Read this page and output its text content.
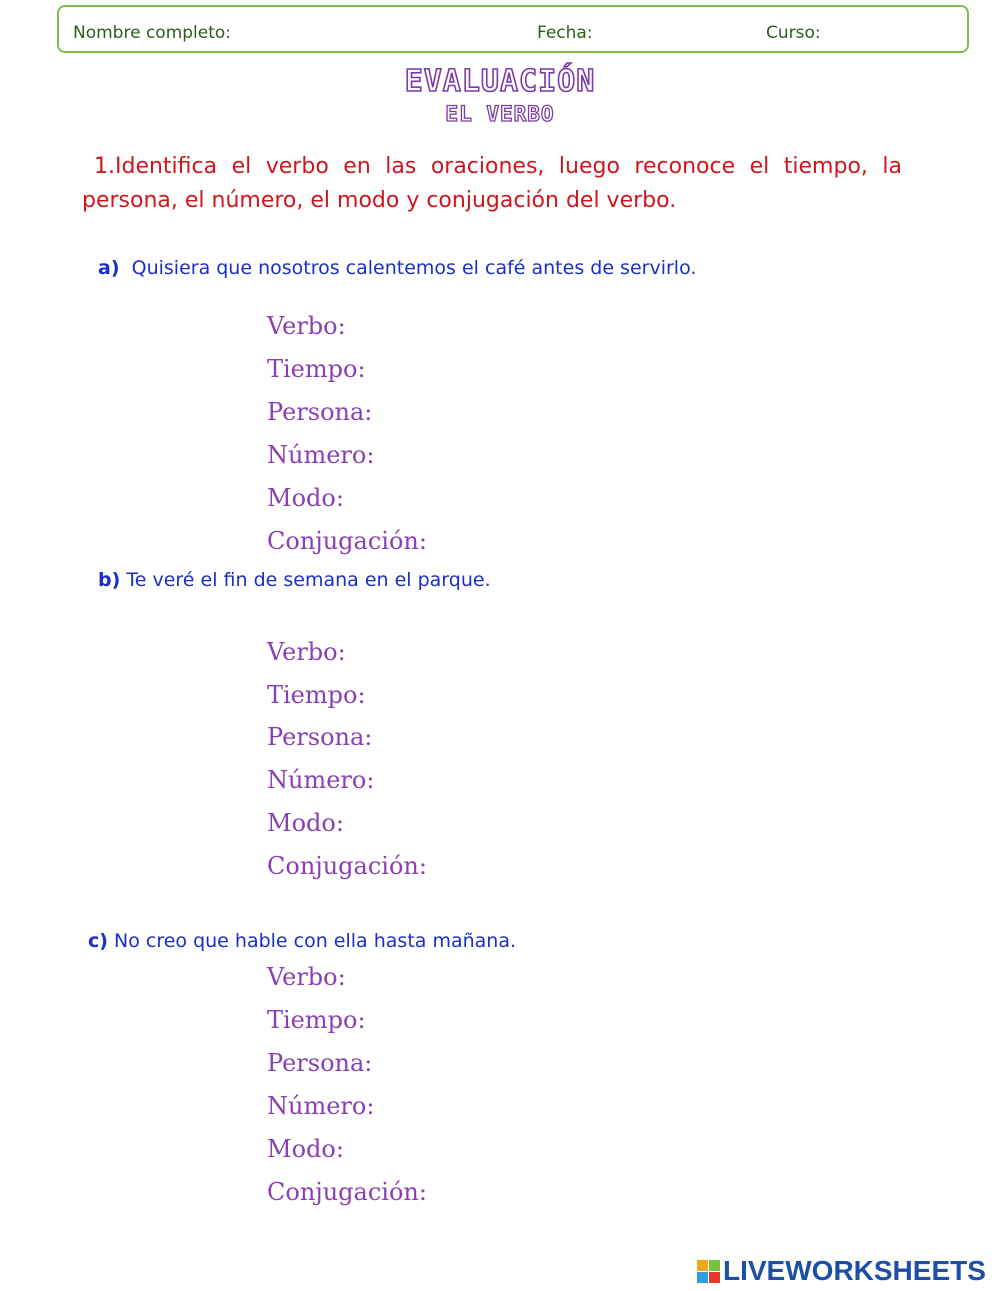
Nombre completo:	Fecha:	Curso:
EVALUACIÓN
EL VERBO
1.Identifica el verbo en las oraciones, luego reconoce el tiempo, la persona, el número, el modo y conjugación del verbo.
a) Quisiera que nosotros calentemos el café antes de servirlo.
Verbo:
Tiempo:
Persona:
Número:
Modo:
Conjugación:
b) Te veré el fin de semana en el parque.
Verbo:
Tiempo:
Persona:
Número:
Modo:
Conjugación:
c) No creo que hable con ella hasta mañana.
Verbo:
Tiempo:
Persona:
Número:
Modo:
Conjugación:
LIVEWORKSHEETS
